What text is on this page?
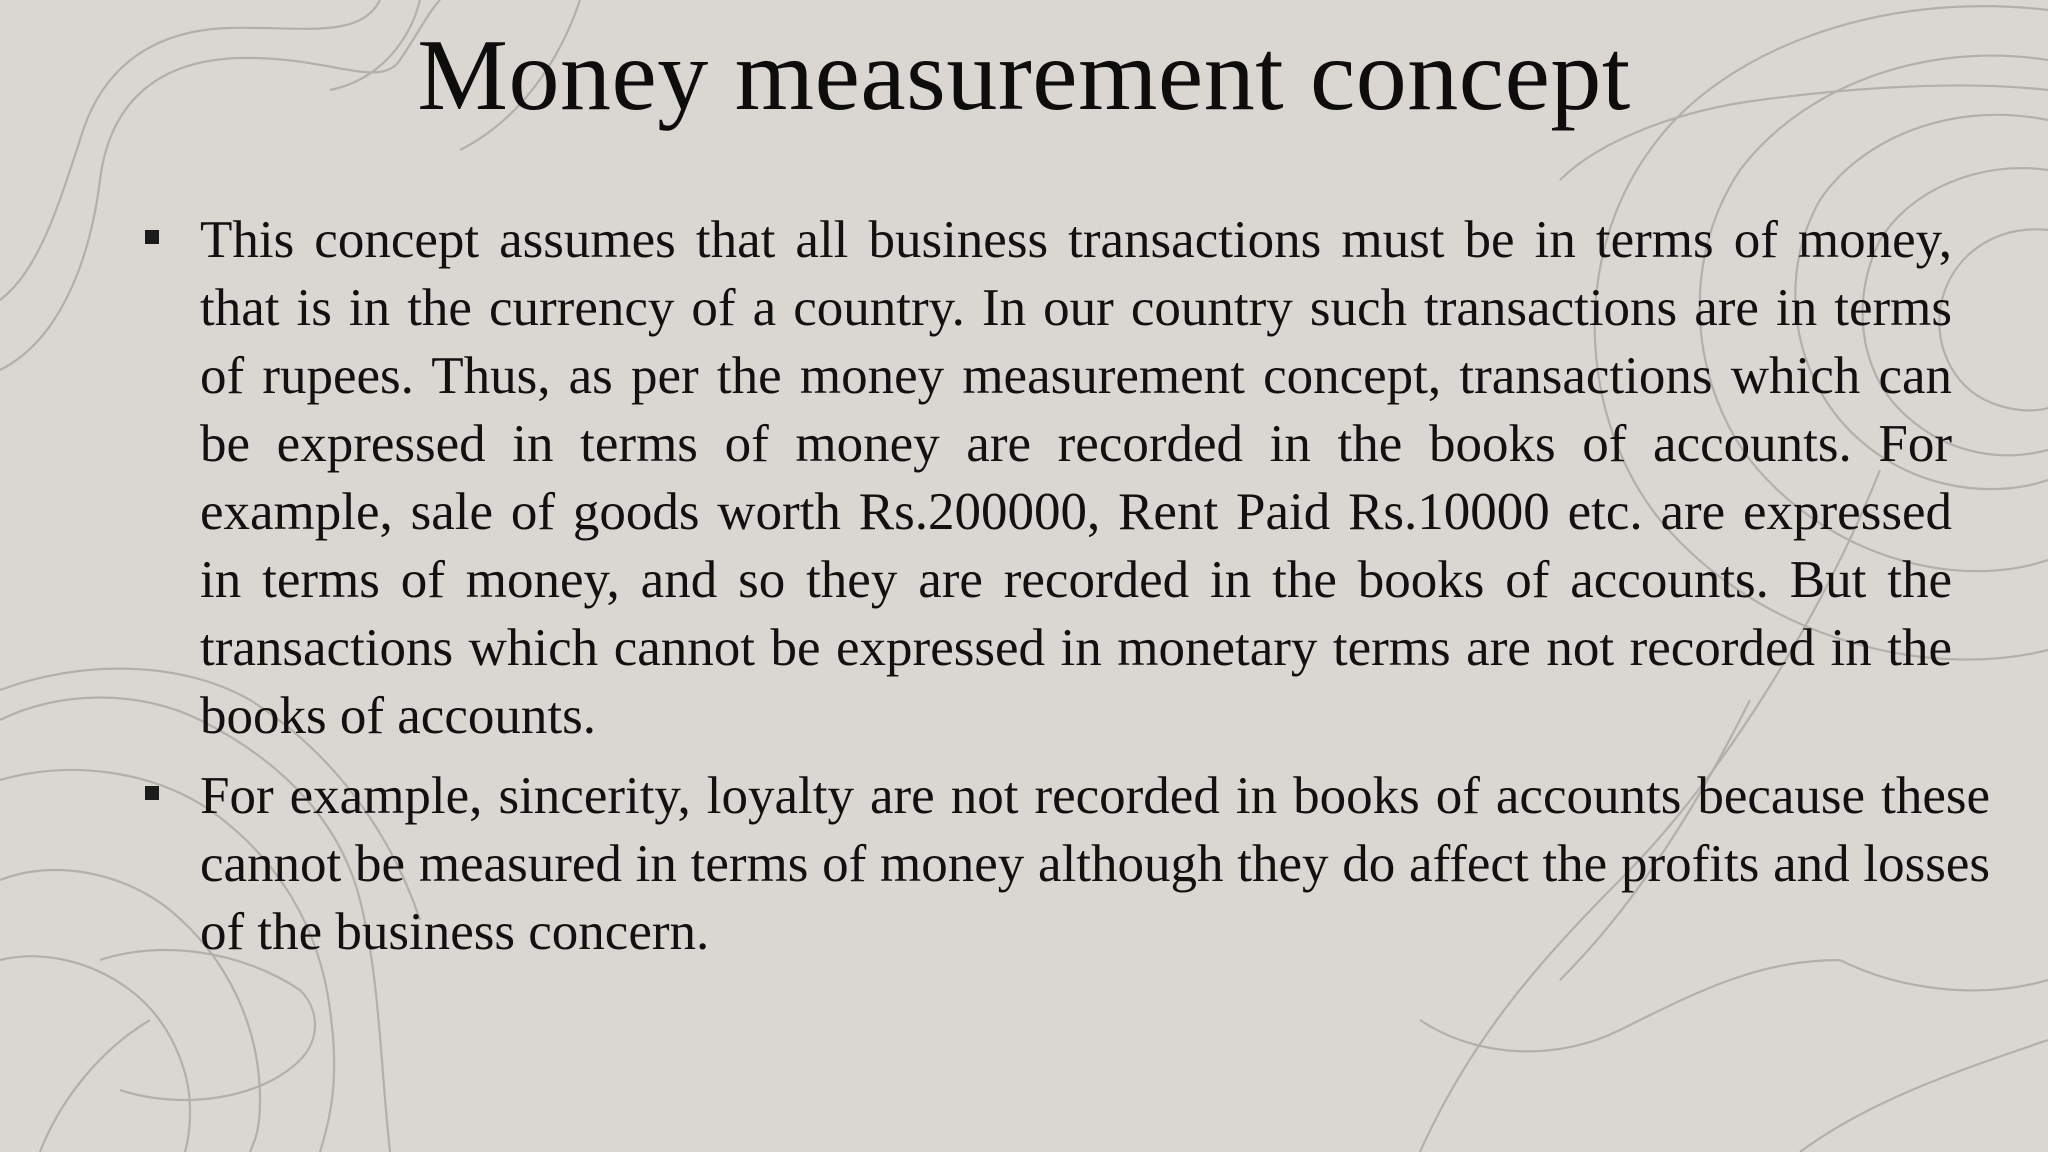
Money measurement concept
This concept assumes that all business transactions must be in terms of money, that is in the currency of a country. In our country such transactions are in terms of rupees. Thus, as per the money measurement concept, transactions which can be expressed in terms of money are recorded in the books of accounts. For example, sale of goods worth Rs.200000, Rent Paid Rs.10000 etc. are expressed in terms of money, and so they are recorded in the books of accounts. But the transactions which cannot be expressed in monetary terms are not recorded in the books of accounts.
For example, sincerity, loyalty are not recorded in books of accounts because these cannot be measured in terms of money although they do affect the profits and losses of the business concern.
